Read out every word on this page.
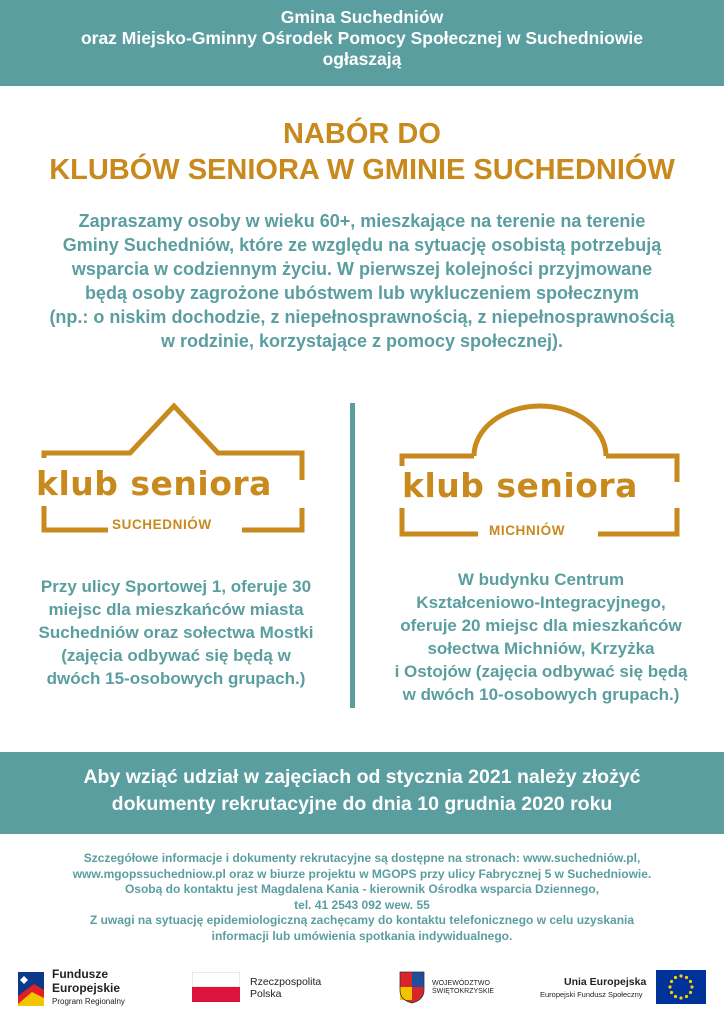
Gmina Suchedniów
oraz Miejsko-Gminny Ośrodek Pomocy Społecznej w Suchedniowie
ogłaszają
NABÓR DO
KLUBÓW SENIORA W GMINIE SUCHEDNIÓW
Zapraszamy osoby w wieku 60+, mieszkające na terenie na terenie
Gminy Suchedniów, które ze względu na sytuację osobistą potrzebują
wsparcia w codziennym życiu. W pierwszej kolejności przyjmowane
będą osoby zagrożone ubóstwem lub wykluczeniem społecznym
(np.: o niskim dochodzie, z niepełnosprawnością, z niepełnosprawnością
w rodzinie, korzystające z pomocy społecznej).
klub seniora
SUCHEDNIÓW
klub seniora
MICHNIÓW
Przy ulicy Sportowej 1, oferuje 30
miejsc dla mieszkańców miasta
Suchedniów oraz sołectwa Mostki
(zajęcia odbywać się będą w
dwóch 15-osobowych grupach.)
W budynku Centrum
Kształceniowo-Integracyjnego,
oferuje 20 miejsc dla mieszkańców
sołectwa Michniów, Krzyżka
i Ostojów (zajęcia odbywać się będą
w dwóch 10-osobowych grupach.)
Aby wziąć udział w zajęciach od stycznia 2021 należy złożyć
dokumenty rekrutacyjne do dnia 10 grudnia 2020 roku
Szczegółowe informacje i dokumenty rekrutacyjne są dostępne na stronach: www.suchedniów.pl,
www.mgopssuchedniow.pl oraz w biurze projektu w MGOPS przy ulicy Fabrycznej 5 w Suchedniowie.
Osobą do kontaktu jest Magdalena Kania - kierownik Ośrodka wsparcia Dziennego,
tel. 41 2543 092 wew. 55
Z uwagi na sytuację epidemiologiczną zachęcamy do kontaktu telefonicznego w celu uzyskania
informacji lub umówienia spotkania indywidualnego.
Fundusze
Europejskie
Program Regionalny
Rzeczpospolita
Polska
WOJEWÓDZTWO
ŚWIĘTOKRZYSKIE
Unia Europejska
Europejski Fundusz Społeczny
